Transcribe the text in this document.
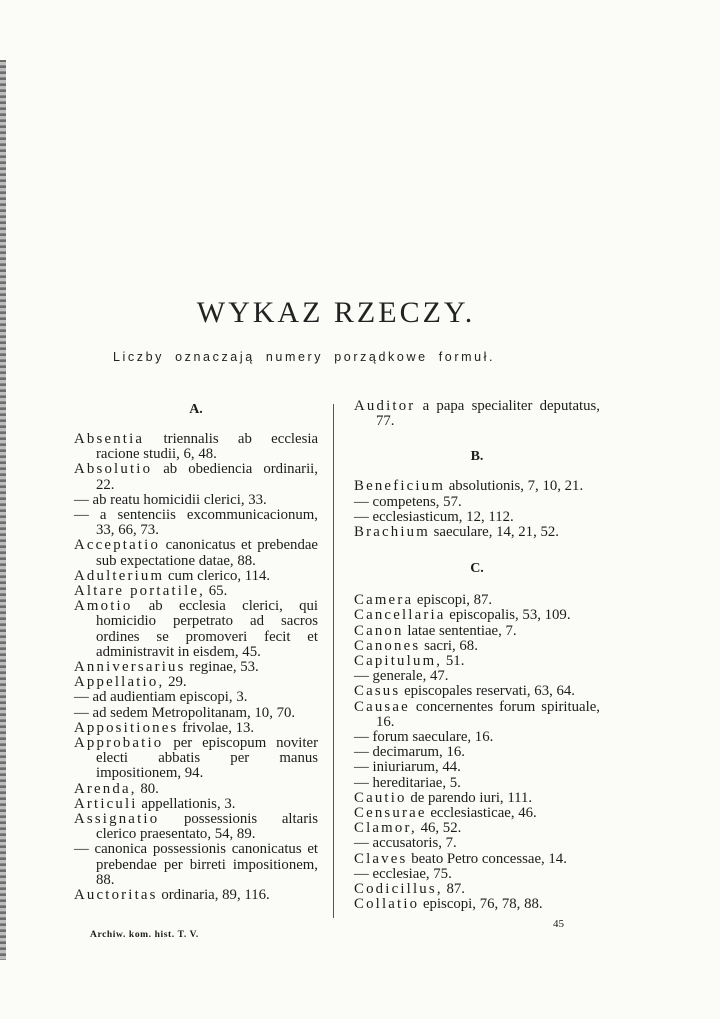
WYKAZ RZECZY.
Liczby oznaczają numery porządkowe formuł.
A.
Absentia triennalis ab ecclesia racione studii, 6, 48.
Absolutio ab obediencia ordinarii, 22.
— ab reatu homicidii clerici, 33.
— a sentenciis excommunicacionum, 33, 66, 73.
Acceptatio canonicatus et prebendae sub expectatione datae, 88.
Adulterium cum clerico, 114.
Altare portatile, 65.
Amotio ab ecclesia clerici, qui homicidio perpetrato ad sacros ordines se promoveri fecit et administravit in eisdem, 45.
Anniversarius reginae, 53.
Appellatio, 29.
— ad audientiam episcopi, 3.
— ad sedem Metropolitanam, 10, 70.
Appositiones frivolae, 13.
Approbatio per episcopum noviter electi abbatis per manus impositionem, 94.
Arenda, 80.
Articuli appellationis, 3.
Assignatio possessionis altaris clerico praesentato, 54, 89.
— canonica possessionis canonicatus et prebendae per birreti impositionem, 88.
Auctoritas ordinaria, 89, 116.
Auditor a papa specialiter deputatus, 77.
B.
Beneficium absolutionis, 7, 10, 21.
— competens, 57.
— ecclesiasticum, 12, 112.
Brachium saeculare, 14, 21, 52.
C.
Camera episcopi, 87.
Cancellaria episcopalis, 53, 109.
Canon latae sententiae, 7.
Canones sacri, 68.
Capitulum, 51.
— generale, 47.
Casus episcopales reservati, 63, 64.
Causae concernentes forum spirituale, 16.
— forum saeculare, 16.
— decimarum, 16.
— iniuriarum, 44.
— hereditariae, 5.
Cautio de parendo iuri, 111.
Censurae ecclesiasticae, 46.
Clamor, 46, 52.
— accusatoris, 7.
Claves beato Petro concessae, 14.
— ecclesiae, 75.
Codicillus, 87.
Collatio episcopi, 76, 78, 88.
Archiw. kom. hist. T. V.
45
